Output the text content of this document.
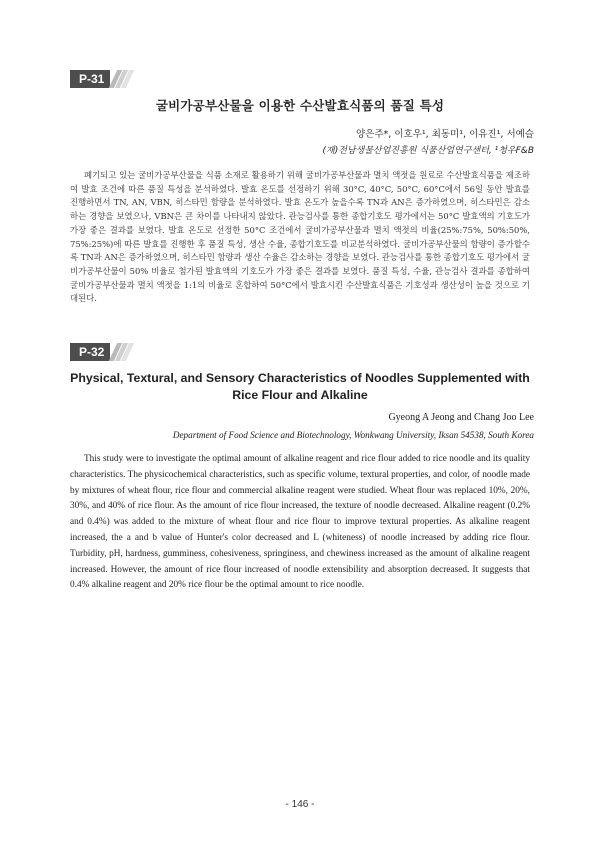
P-31
굴비가공부산물을 이용한 수산발효식품의 품질 특성
양은주*, 이호우¹, 최동미¹, 이유진¹, 서예슬
(재)전남생물산업진흥원 식품산업연구센터, ¹청우F&B

폐기되고 있는 굴비가공부산물을 식품 소재로 활용하기 위해 굴비가공부산물과 멸치 액젓을 원료로 수산발효식품을 제조하여 발효 조건에 따른 품질 특성을 분석하였다. 발효 온도를 선정하기 위해 30°C, 40°C, 50°C, 60°C에서 56일 동안 발효를 진행하면서 TN, AN, VBN, 히스타민 함량을 분석하였다. 발효 온도가 높을수록 TN과 AN은 증가하였으며, 히스타민은 감소하는 경향을 보였으나, VBN은 큰 차이를 나타내지 않았다. 관능검사를 통한 종합기호도 평가에서는 50°C 발효액의 기호도가 가장 좋은 결과를 보였다. 발효 온도로 선정한 50°C 조건에서 굴비가공부산물과 멸치 액젓의 비율(25%:75%, 50%:50%, 75%:25%)에 따른 발효를 진행한 후 품질 특성, 생산 수율, 종합기호도를 비교분석하였다. 굴비가공부산물의 함량이 증가할수록 TN과 AN은 증가하였으며, 히스타민 함량과 생산 수율은 감소하는 경향을 보였다. 관능검사를 통한 종합기호도 평가에서 굴비가공부산물이 50% 비율로 첨가된 발효액의 기호도가 가장 좋은 결과를 보였다. 품질 특성, 수율, 관능검사 결과를 종합하여 굴비가공부산물과 멸치 액젓을 1:1의 비율로 혼합하여 50°C에서 발효시킨 수산발효식품은 기호성과 생산성이 높을 것으로 기대된다.

P-32
Physical, Textural, and Sensory Characteristics of Noodles Supplemented with Rice Flour and Alkaline
Gyeong A Jeong and Chang Joo Lee
Department of Food Science and Biotechnology, Wonkwang University, Iksan 54538, South Korea

This study were to investigate the optimal amount of alkaline reagent and rice flour added to rice noodle and its quality characteristics. The physicochemical characteristics, such as specific volume, textural properties, and color, of noodle made by mixtures of wheat flour, rice flour and commercial alkaline reagent were studied. Wheat flour was replaced 10%, 20%, 30%, and 40% of rice flour. As the amount of rice flour increased, the texture of noodle decreased. Alkaline reagent (0.2% and 0.4%) was added to the mixture of wheat flour and rice flour to improve textural properties. As alkaline reagent increased, the a and b value of Hunter's color decreased and L (whiteness) of noodle increased by adding rice flour. Turbidity, pH, hardness, gumminess, cohesiveness, springiness, and chewiness increased as the amount of alkaline reagent increased. However, the amount of rice flour increased of noodle extensibility and absorption decreased. It suggests that 0.4% alkaline reagent and 20% rice flour be the optimal amount to rice noodle.

- 146 -
